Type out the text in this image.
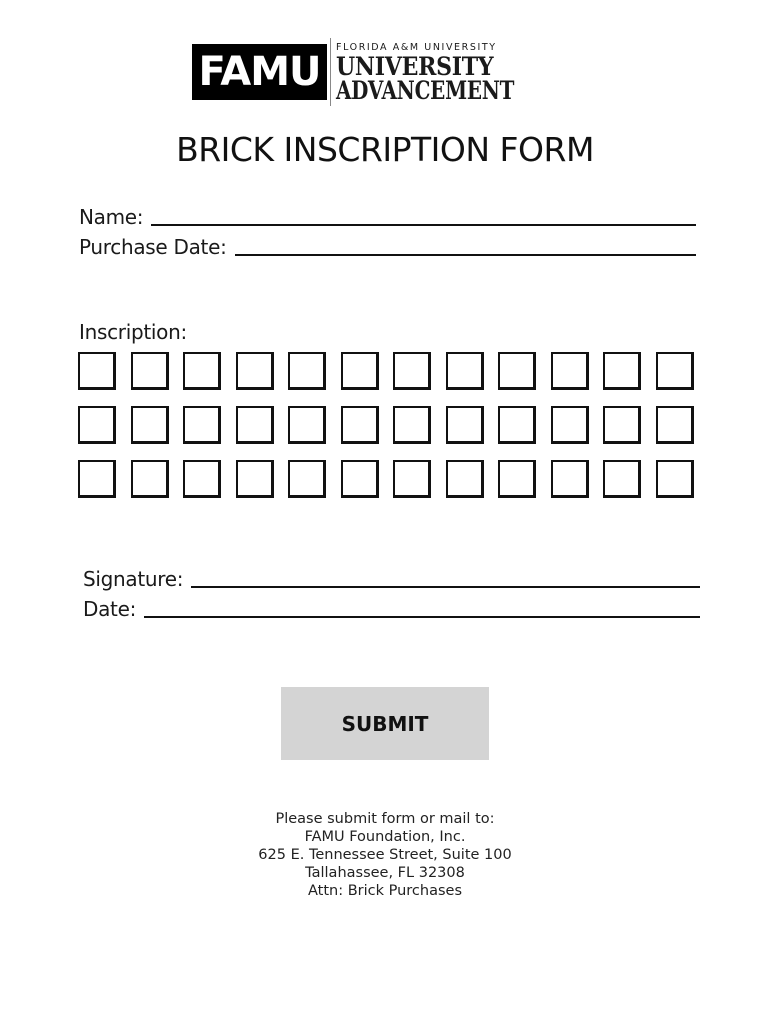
FAMU
FLORIDA A&M UNIVERSITY
UNIVERSITY
ADVANCEMENT
BRICK INSCRIPTION FORM
Name:
Purchase Date:
Inscription:
Signature:
Date:
SUBMIT
Please submit form or mail to:
FAMU Foundation, Inc.
625 E. Tennessee Street, Suite 100
Tallahassee, FL 32308
Attn: Brick Purchases
